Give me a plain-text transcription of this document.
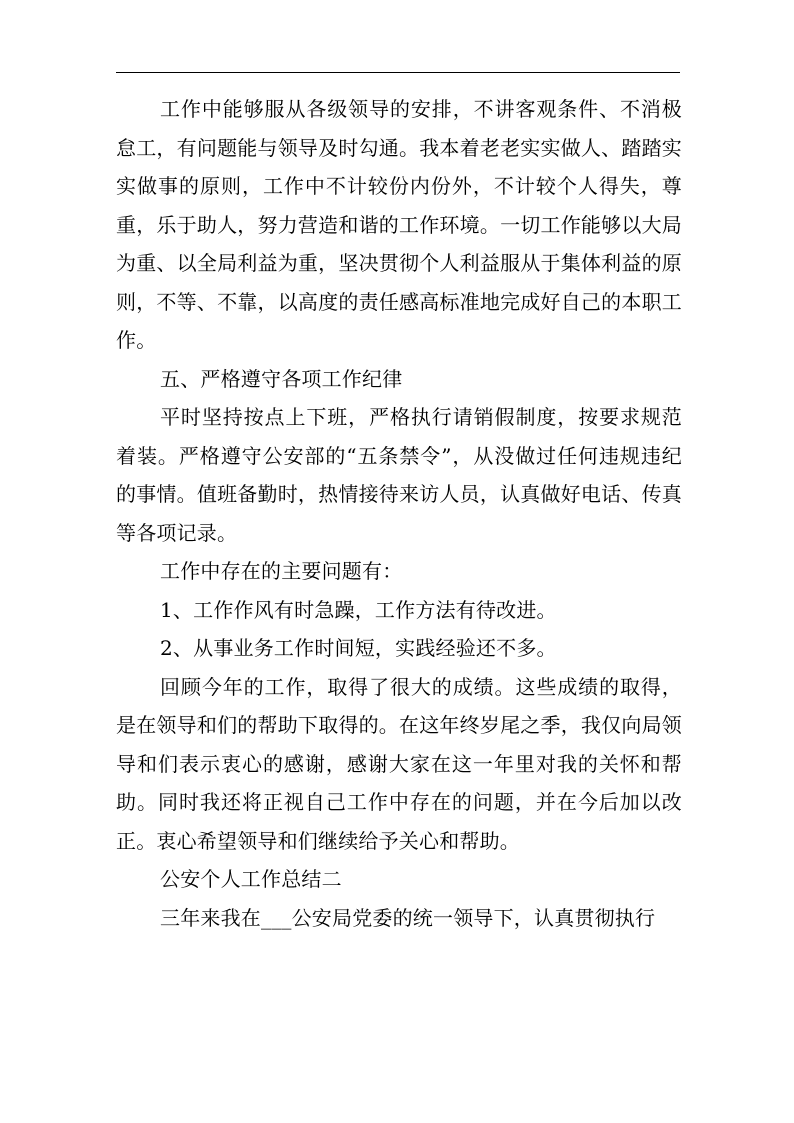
工作中能够服从各级领导的安排，不讲客观条件、不消极怠工，有问题能与领导及时勾通。我本着老老实实做人、踏踏实实做事的原则，工作中不计较份内份外，不计较个人得失，尊重，乐于助人，努力营造和谐的工作环境。一切工作能够以大局为重、以全局利益为重，坚决贯彻个人利益服从于集体利益的原则，不等、不靠，以高度的责任感高标准地完成好自己的本职工作。

五、严格遵守各项工作纪律

平时坚持按点上下班，严格执行请销假制度，按要求规范着装。严格遵守公安部的“五条禁令”，从没做过任何违规违纪的事情。值班备勤时，热情接待来访人员，认真做好电话、传真等各项记录。

工作中存在的主要问题有：

1、工作作风有时急躁，工作方法有待改进。

2、从事业务工作时间短，实践经验还不多。

回顾今年的工作，取得了很大的成绩。这些成绩的取得，是在领导和们的帮助下取得的。在这年终岁尾之季，我仅向局领导和们表示衷心的感谢，感谢大家在这一年里对我的关怀和帮助。同时我还将正视自己工作中存在的问题，并在今后加以改正。衷心希望领导和们继续给予关心和帮助。

公安个人工作总结二

三年来我在___公安局党委的统一领导下，认真贯彻执行
